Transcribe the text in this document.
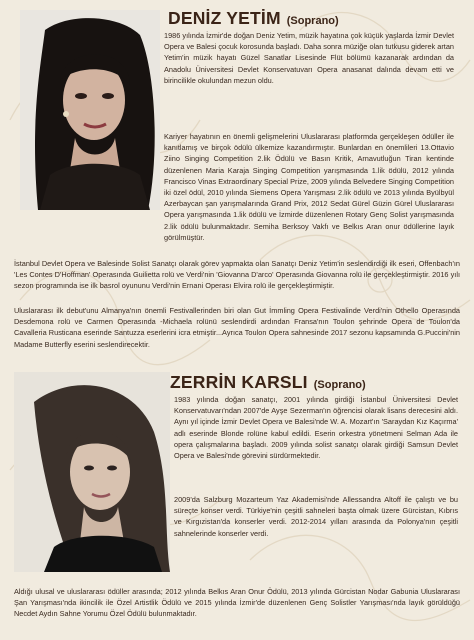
DENİZ YETİM (Soprano)

1986 yılında İzmir'de doğan Deniz Yetim, müzik hayatına çok küçük yaşlarda İzmir Devlet Opera ve Balesi çocuk korosunda başladı. Daha sonra müziğe olan tutkusu giderek artan Yetim'in müzik hayatı Güzel Sanatlar Lisesinde Flüt bölümü kazanarak ardından da Anadolu Üniversitesi Devlet Konservatuvarı Opera anasanat dalında devam etti ve birincilikle okulundan mezun oldu.

Kariyer hayatının en önemli gelişmelerini Uluslararası platformda gerçekleşen ödüller ile kanıtlamış ve birçok ödülü ülkemize kazandırmıştır. Bunlardan en önemlileri 13.Ottavio Ziino Singing Competition 2.lik Ödülü ve Basın Kritik, Arnavutluğun Tiran kentinde düzenlenen Maria Karaja Singing Competition yarışmasında 1.lik ödülü, 2012 yılında Francisco Vinas Extraordinary Special Prize, 2009 yılında Belvedere Singing Competition iki özel ödül, 2010 yılında Siemens Opera Yarışması 2.lik ödülü ve 2013 yılında Byülbyül Azerbaycan şan yarışmalarında Grand Prix, 2012 Sedat Gürel Güzin Gürel Uluslararası Opera yarışmasında 1.lik ödülü ve İzmirde düzenlenen Rotary Genç Solist yarışmasında 2.lik ödülü bulunmaktadır. Semiha Berksoy Vakfı ve Belkıs Aran onur ödüllerine layık görülmüştür.

İstanbul Devlet Opera ve Balesinde Solist Sanatçı olarak görev yapmakta olan Sanatçı Deniz Yetim'in seslendirdiği ilk eseri, Offenbach'ın 'Les Contes D'Hoffman' Operasında Guilietta rolü ve Verdi'nin 'Giovanna D'arco' Operasında Giovanna rolü ile gerçekleştirmiştir. 2016 yılı sezon programında ise ilk basrol oyununu Verdi'nin Ernani Operası Elvira rolü ile gerçekleştirmiştir.

Uluslararası ilk debut'unu Almanya'nın önemli Festivallerinden biri olan Gut İmmling Opera Festivalinde Verdi'nin Othello Operasında Desdemona rolü ve Carmen Operasında -Michaela rolünü seslendirdi ardından Fransa'nın Toulon şehrinde Opera de Toulon'da Cavalleria Rusticana eserinde Santuzza eserlerini icra etmiştir...Ayrıca Toulon Opera sahnesinde 2017 sezonu kapsamında G.Puccini'nin Madame Butterfly eserini seslendirecektir.

ZERRİN KARSLI (Soprano)

1983 yılında doğan sanatçı, 2001 yılında girdiği İstanbul Üniversitesi Devlet Konservatuvarı'ndan 2007'de Ayşe Sezerman'ın öğrencisi olarak lisans derecesini aldı. Aynı yıl içinde İzmir Devlet Opera ve Balesi'nde W. A. Mozart'ın 'Saraydan Kız Kaçırma' adlı eserinde Blonde rolüne kabul edildi. Eserin orkestra yönetmeni Selman Ada ile opera çalışmalarına başladı. 2009 yılında solist sanatçı olarak girdiği Samsun Devlet Opera ve Balesi'nde görevini sürdürmektedir.

2009'da Salzburg Mozarteum Yaz Akademisi'nde Allessandra Altoff ile çalıştı ve bu süreçte konser verdi. Türkiye'nin çeşitli sahneleri başta olmak üzere Gürcistan, Kıbrıs ve Kırgızistan'da konserler verdi. 2012-2014 yılları arasında da Polonya'nın çeşitli sahnelerinde konserler verdi.

Aldığı ulusal ve uluslararası ödüller arasında; 2012 yılında Belkıs Aran Onur Ödülü, 2013 yılında Gürcistan Nodar Gabunia Uluslararası Şan Yarışması'nda ikincilik ile Özel Artistlik Ödülü ve 2015 yılında İzmir'de düzenlenen Genç Solistler Yarışması'nda layık görüldüğü Necdet Aydın Sahne Yorumu Özel Ödülü bulunmaktadır.
